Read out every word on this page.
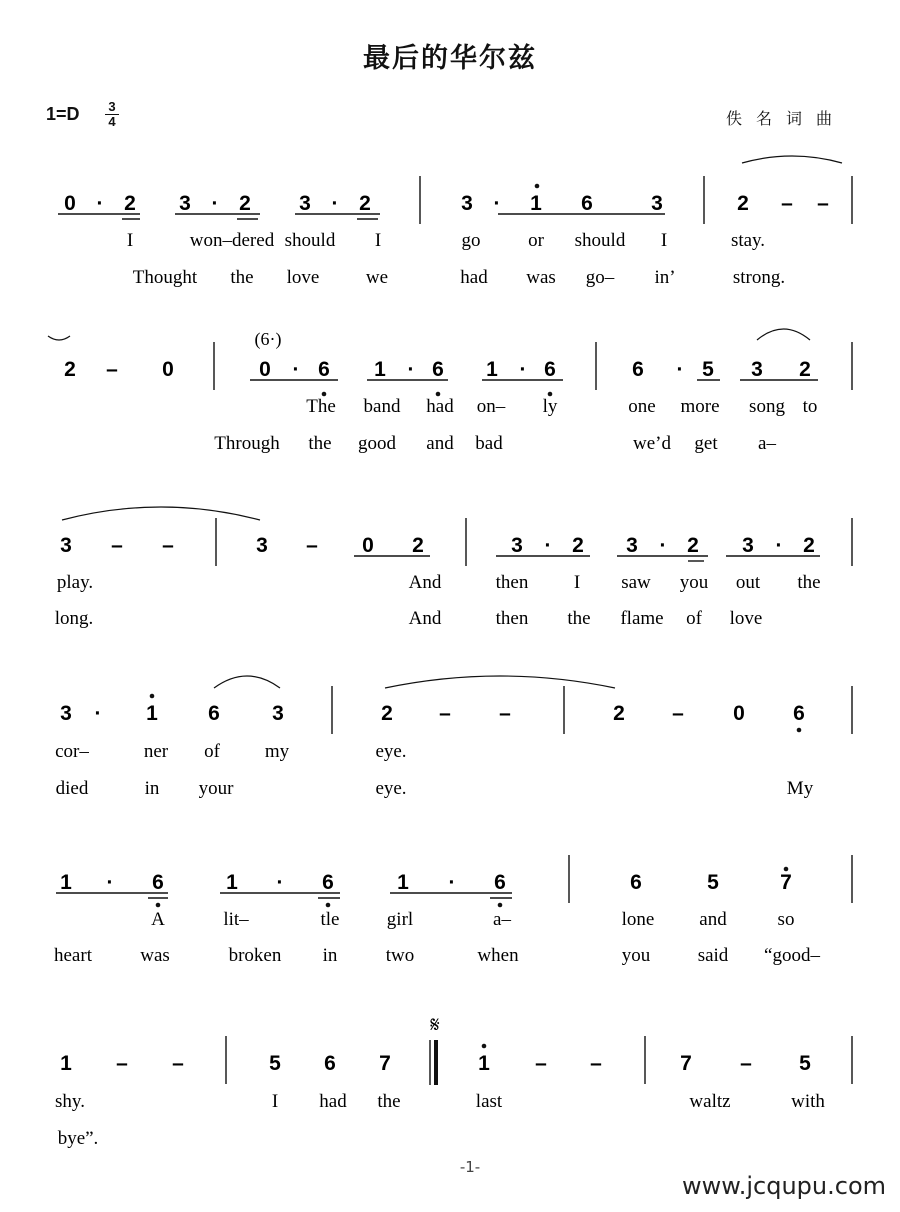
最后的华尔兹
1=D	3
4	佚名词曲
0 · 2 3 · 2 3 · 2	3 · 1 6	3	2 – –
I	won–dered should I	go	or should I	stay.
Thought the love we	had was go– in’	strong.
2 – 0	0 · 6 1 · 6 1 · 6	6 · 5 3 2
The band had on– ly	one more song to
Through the good and bad	we’d get a–
3 – –	3 – 0 2	3 · 2 3 · 2 3 · 2
play.	And	then I saw you out the
long.	And	then the flame of love
3 · 1 6 3	2 – –	2 – 0 6
cor–	ner of my	eye.
died	in your	eye.	My
1 · 6	1 · 6	1 · 6	6	5	7
A	lit–	tle girl	a–	lone and	so
heart	was	broken in	two	when	you said “good–
1 – –	5 6 7	1 – –	7 – 5
shy.	I had the	last	waltz	with
bye”.
(6·)
𝄋
-1-
www.jcqupu.com
